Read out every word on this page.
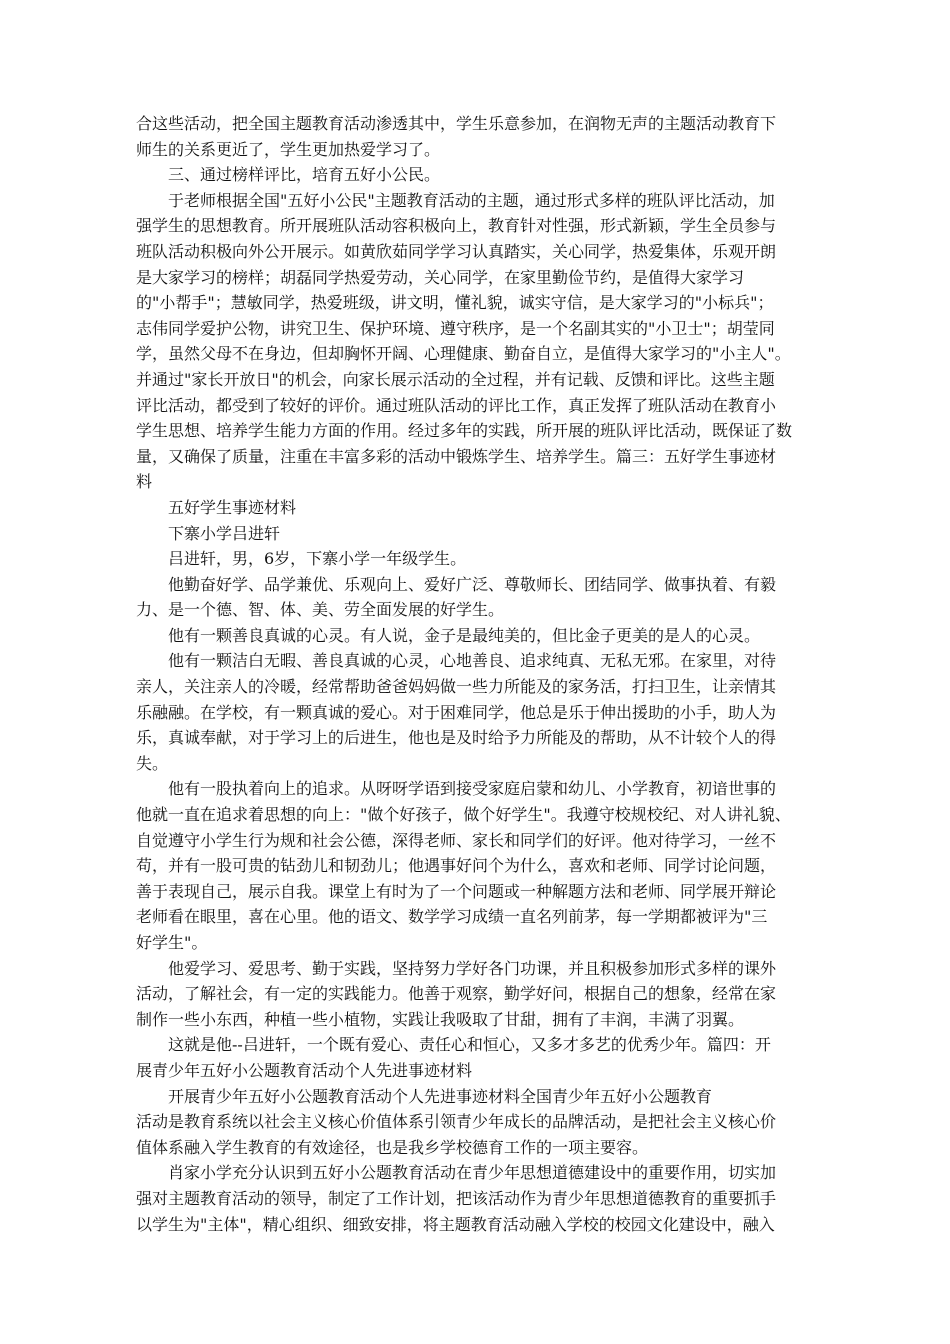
合这些活动，把全国主题教育活动渗透其中，学生乐意参加，在润物无声的主题活动教育下
师生的关系更近了，学生更加热爱学习了。
三、通过榜样评比，培育五好小公民。
于老师根据全国"五好小公民"主题教育活动的主题，通过形式多样的班队评比活动，加
强学生的思想教育。所开展班队活动容积极向上，教育针对性强，形式新颖，学生全员参与
班队活动积极向外公开展示。如黄欣茹同学学习认真踏实，关心同学，热爱集体，乐观开朗
是大家学习的榜样；胡磊同学热爱劳动，关心同学，在家里勤俭节约，是值得大家学习
的"小帮手"；慧敏同学，热爱班级，讲文明，懂礼貌，诚实守信，是大家学习的"小标兵"；
志伟同学爱护公物，讲究卫生、保护环境、遵守秩序，是一个名副其实的"小卫士"；胡莹同
学，虽然父母不在身边，但却胸怀开阔、心理健康、勤奋自立，是值得大家学习的"小主人"。
并通过"家长开放日"的机会，向家长展示活动的全过程，并有记载、反馈和评比。这些主题
评比活动，都受到了较好的评价。通过班队活动的评比工作，真正发挥了班队活动在教育小
学生思想、培养学生能力方面的作用。经过多年的实践，所开展的班队评比活动，既保证了数
量，又确保了质量，注重在丰富多彩的活动中锻炼学生、培养学生。篇三：五好学生事迹材
料
五好学生事迹材料
下寨小学吕进轩
吕进轩，男，6岁，下寨小学一年级学生。
他勤奋好学、品学兼优、乐观向上、爱好广泛、尊敬师长、团结同学、做事执着、有毅
力、是一个德、智、体、美、劳全面发展的好学生。
他有一颗善良真诚的心灵。有人说，金子是最纯美的，但比金子更美的是人的心灵。
他有一颗洁白无暇、善良真诚的心灵，心地善良、追求纯真、无私无邪。在家里，对待
亲人，关注亲人的冷暖，经常帮助爸爸妈妈做一些力所能及的家务活，打扫卫生，让亲情其
乐融融。在学校，有一颗真诚的爱心。对于困难同学，他总是乐于伸出援助的小手，助人为
乐，真诚奉献，对于学习上的后进生，他也是及时给予力所能及的帮助，从不计较个人的得
失。
他有一股执着向上的追求。从呀呀学语到接受家庭启蒙和幼儿、小学教育，初谙世事的
他就一直在追求着思想的向上："做个好孩子，做个好学生"。我遵守校规校纪、对人讲礼貌、
自觉遵守小学生行为规和社会公德，深得老师、家长和同学们的好评。他对待学习，一丝不
苟，并有一股可贵的钻劲儿和韧劲儿；他遇事好问个为什么，喜欢和老师、同学讨论问题，
善于表现自己，展示自我。课堂上有时为了一个问题或一种解题方法和老师、同学展开辩论
老师看在眼里，喜在心里。他的语文、数学学习成绩一直名列前茅，每一学期都被评为"三
好学生"。
他爱学习、爱思考、勤于实践，坚持努力学好各门功课，并且积极参加形式多样的课外
活动，了解社会，有一定的实践能力。他善于观察，勤学好问，根据自己的想象，经常在家
制作一些小东西，种植一些小植物，实践让我吸取了甘甜，拥有了丰润，丰满了羽翼。
这就是他--吕进轩，一个既有爱心、责任心和恒心，又多才多艺的优秀少年。篇四：开
展青少年五好小公题教育活动个人先进事迹材料
开展青少年五好小公题教育活动个人先进事迹材料全国青少年五好小公题教育
活动是教育系统以社会主义核心价值体系引领青少年成长的品牌活动，是把社会主义核心价
值体系融入学生教育的有效途径，也是我乡学校德育工作的一项主要容。
肖家小学充分认识到五好小公题教育活动在青少年思想道德建设中的重要作用，切实加
强对主题教育活动的领导，制定了工作计划，把该活动作为青少年思想道德教育的重要抓手
以学生为"主体"，精心组织、细致安排，将主题教育活动融入学校的校园文化建设中，融入
